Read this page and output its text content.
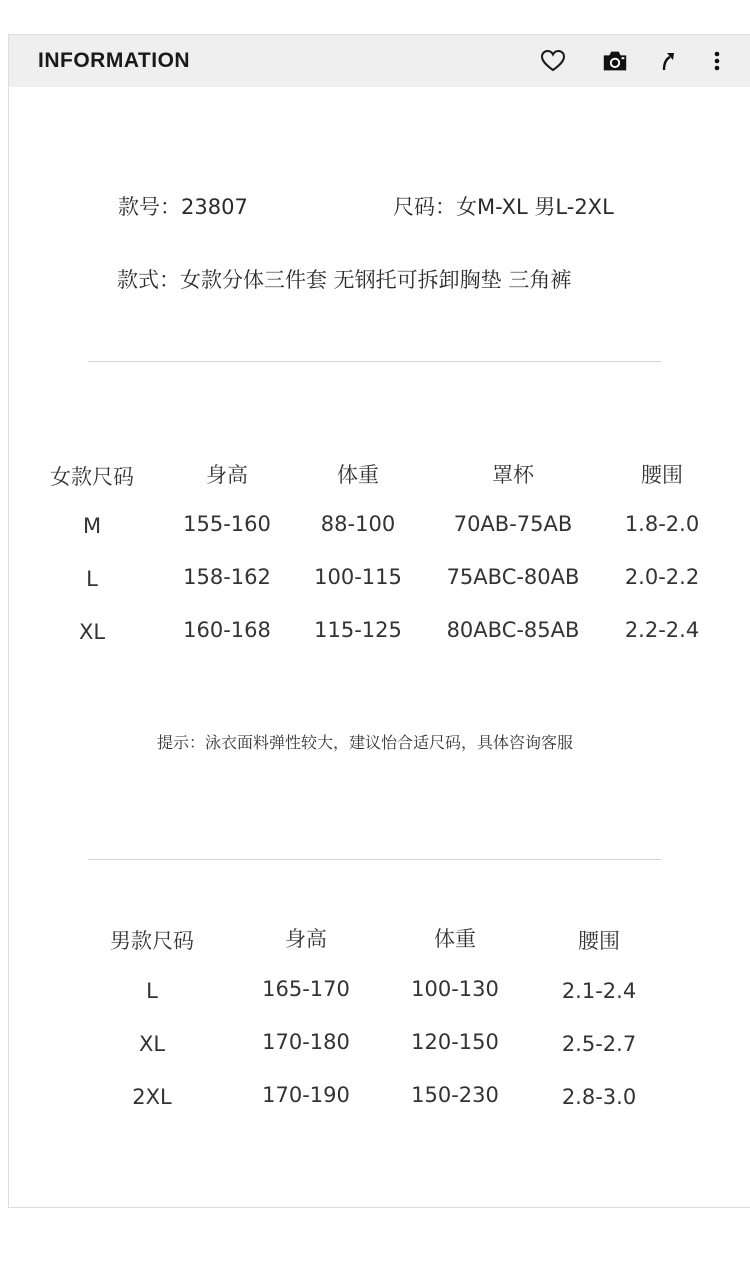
INFORMATION
款号：23807	尺码：女M-XL 男L-2XL
款式：女款分体三件套 无钢托可拆卸胸垫 三角裤
女款尺码	身高	体重	罩杯	腰围
M	155-160 88-100	70AB-75AB	1.8-2.0
L	158-162 100-115 75ABC-80AB 2.0-2.2
XL	160-168 115-125 80ABC-85AB 2.2-2.4
提示：泳衣面料弹性较大，建议怡合适尺码，具体咨询客服
男款尺码	身高	体重	腰围
L	165-170	100-130	2.1-2.4
XL	170-180	120-150	2.5-2.7
2XL	170-190	150-230	2.8-3.0
